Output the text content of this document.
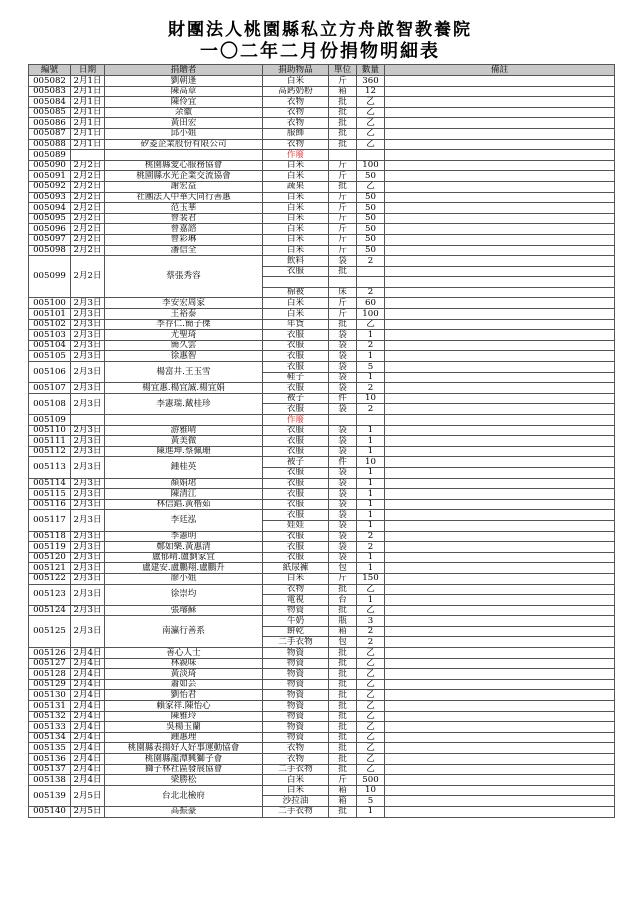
財團法人桃園縣私立方舟啟智教養院
一〇二年二月份捐物明細表
編號	日期	捐贈者	捐助物品	單位	數量	備註
005082	2月1日	劉朝逢	白米	斤	360	
005083	2月1日	陳高章	高鈣奶粉	箱	12	
005084	2月1日	陳伶宜	衣物	批	乙	
005085	2月1日	余徽	衣物	批	乙	
005086	2月1日	黃田宏	衣物	批	乙	
005087	2月1日	邱小姐	服飾	批	乙	
005088	2月1日	矽菱企業股份有限公司	衣物	批	乙	
005089			作廢			
005090	2月2日	桃園縣愛心服務協會	白米	斤	100	
005091	2月2日	桃園縣水光企業交流協會	白米	斤	50	
005092	2月2日	謝宏益	蔬果	批	乙	
005093	2月2日	社團法人中華大同行善惠	白米	斤	50	
005094	2月2日	范玉華	白米	斤	50	
005095	2月2日	曾裴君	白米	斤	50	
005096	2月2日	曾嘉諮	白米	斤	50	
005097	2月2日	曾彩琳	白米	斤	50	
005098	2月2日	潘信全	白米	斤	50	
005099	2月2日	蔡張秀容	飲料	袋	2	
			衣服	批		

			棉被	床	2	
005100	2月3日	李安宏周家	白米	斤	60	
005101	2月3日	王裕泰	白米	斤	100	
005102	2月3日	李存仁.簡子傑	年貨	批	乙	
005103	2月3日	尤聖琦	衣服	袋	1	
005104	2月3日	簡久雲	衣服	袋	2	
005105	2月3日	徐惠智	衣服	袋	1	
005106	2月3日	楊富井.王玉雪	衣服	袋	5	
			鞋子	袋	1	
005107	2月3日	楊宜惠.楊宜誠.楊宜娟	衣服	袋	2	
005108	2月3日	李憲瑞.戴桂珍	被子	件	10	
			衣服	袋	2	
005109			作廢			
005110	2月3日	游雅晴	衣服	袋	1	
005111	2月3日	黃美微	衣服	袋	1	
005112	2月3日	陳進坤.蔡佩珊	衣服	袋	1	
005113	2月3日	鍾桂英	被子	件	10	
			衣服	袋	1	
005114	2月3日	顏娟珺	衣服	袋	1	
005115	2月3日	陳清江	衣服	袋	1	
005116	2月3日	林信錩.黃楷茹	衣服	袋	1	
005117	2月3日	李廷泓	衣服	袋	1	
			娃娃	袋	1	
005118	2月3日	李憲明	衣服	袋	2	
005119	2月3日	鄭如樂.黃惠清	衣服	袋	2	
005120	2月3日	盧郁晴.盧劉家宜	衣服	袋	1	
005121	2月3日	盧建安.盧鵬翔.盧鵬升	紙尿褲	包	1	
005122	2月3日	廖小姐	白米	斤	150	
005123	2月3日	徐崇均	衣物	批	乙	
			電視	台	1	
005124	2月3日	張璿蘇	物資	批	乙	
005125	2月3日	南瀛行善系	牛奶	瓶	3	
			餅乾	箱	2	
			二手衣物	包	2	
005126	2月4日	善心人士	物資	批	乙	
005127	2月4日	林親味	物資	批	乙	
005128	2月4日	黃淡琦	物資	批	乙	
005129	2月4日	蕭如芸	物資	批	乙	
005130	2月4日	劉怡君	物資	批	乙	
005131	2月4日	賴家祥.陳怡心	物資	批	乙	
005132	2月4日	陳雅玲	物資	批	乙	
005133	2月4日	吳楊玉蘭	物資	批	乙	
005134	2月4日	鍾惠理	物資	批	乙	
005135	2月4日	桃園縣表揚好人好事運動協會	衣物	批	乙	
005136	2月4日	桃園縣龍潭興獅子會	衣物	批	乙	
005137	2月4日	獅子林社區發展協會	二手衣物	批	乙	
005138	2月4日	梁勝松	白米	斤	500	
005139	2月5日	台北北檢府	白米	箱	10	
			沙拉油	箱	5	
005140	2月5日	高振豪	二手衣物	批	1	
